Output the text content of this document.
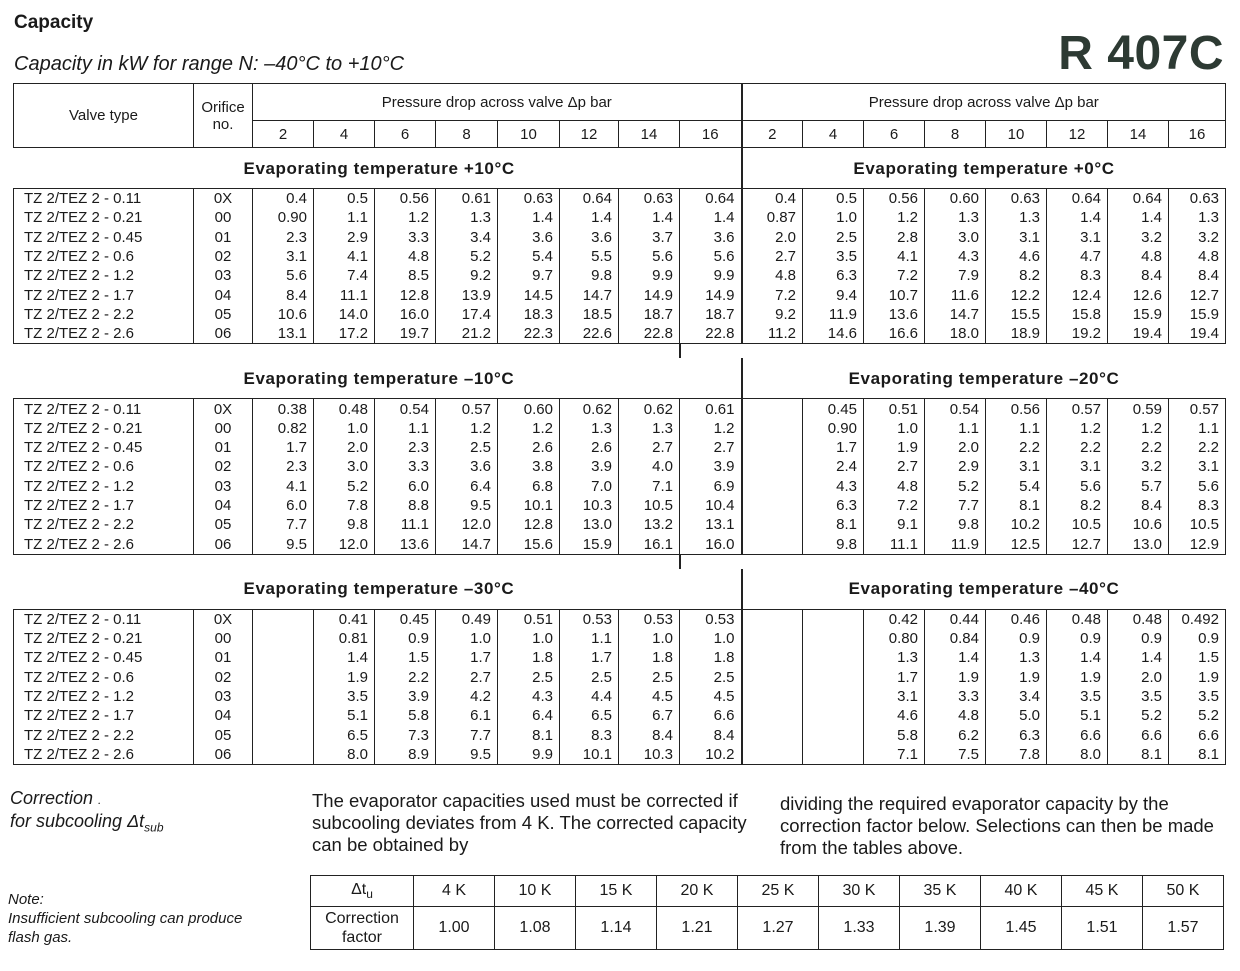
Capacity
Capacity in kW for range N: –40°C to +10°C	R 407C
Valve type	Orifice
no.	Pressure drop across valve Δp bar								Pressure drop across valve Δp bar							
		2	4	6	8	10	12	14	16	2	4	6	8	10	12	14	16
Evaporating temperature +10°C										Evaporating temperature +0°C							
TZ 2/TEZ 2 - 0.11	0X	0.4	0.5	0.56	0.61	0.63	0.64	0.63	0.64	0.4	0.5	0.56	0.60	0.63	0.64	0.64	0.63
TZ 2/TEZ 2 - 0.21	00	0.90	1.1	1.2	1.3	1.4	1.4	1.4	1.4	0.87	1.0	1.2	1.3	1.3	1.4	1.4	1.3
TZ 2/TEZ 2 - 0.45	01	2.3	2.9	3.3	3.4	3.6	3.6	3.7	3.6	2.0	2.5	2.8	3.0	3.1	3.1	3.2	3.2
TZ 2/TEZ 2 - 0.6	02	3.1	4.1	4.8	5.2	5.4	5.5	5.6	5.6	2.7	3.5	4.1	4.3	4.6	4.7	4.8	4.8
TZ 2/TEZ 2 - 1.2	03	5.6	7.4	8.5	9.2	9.7	9.8	9.9	9.9	4.8	6.3	7.2	7.9	8.2	8.3	8.4	8.4
TZ 2/TEZ 2 - 1.7	04	8.4	11.1	12.8	13.9	14.5	14.7	14.9	14.9	7.2	9.4	10.7	11.6	12.2	12.4	12.6	12.7
TZ 2/TEZ 2 - 2.2	05	10.6	14.0	16.0	17.4	18.3	18.5	18.7	18.7	9.2	11.9	13.6	14.7	15.5	15.8	15.9	15.9
TZ 2/TEZ 2 - 2.6	06	13.1	17.2	19.7	21.2	22.3	22.6	22.8	22.8	11.2	14.6	16.6	18.0	18.9	19.2	19.4	19.4

Evaporating temperature –10°C										Evaporating temperature –20°C							
TZ 2/TEZ 2 - 0.11	0X	0.38	0.48	0.54	0.57	0.60	0.62	0.62	0.61		0.45	0.51	0.54	0.56	0.57	0.59	0.57
TZ 2/TEZ 2 - 0.21	00	0.82	1.0	1.1	1.2	1.2	1.3	1.3	1.2		0.90	1.0	1.1	1.1	1.2	1.2	1.1
TZ 2/TEZ 2 - 0.45	01	1.7	2.0	2.3	2.5	2.6	2.6	2.7	2.7		1.7	1.9	2.0	2.2	2.2	2.2	2.2
TZ 2/TEZ 2 - 0.6	02	2.3	3.0	3.3	3.6	3.8	3.9	4.0	3.9		2.4	2.7	2.9	3.1	3.1	3.2	3.1
TZ 2/TEZ 2 - 1.2	03	4.1	5.2	6.0	6.4	6.8	7.0	7.1	6.9		4.3	4.8	5.2	5.4	5.6	5.7	5.6
TZ 2/TEZ 2 - 1.7	04	6.0	7.8	8.8	9.5	10.1	10.3	10.5	10.4		6.3	7.2	7.7	8.1	8.2	8.4	8.3
TZ 2/TEZ 2 - 2.2	05	7.7	9.8	11.1	12.0	12.8	13.0	13.2	13.1		8.1	9.1	9.8	10.2	10.5	10.6	10.5
TZ 2/TEZ 2 - 2.6	06	9.5	12.0	13.6	14.7	15.6	15.9	16.1	16.0		9.8	11.1	11.9	12.5	12.7	13.0	12.9

Evaporating temperature –30°C										Evaporating temperature –40°C							
TZ 2/TEZ 2 - 0.11	0X		0.41	0.45	0.49	0.51	0.53	0.53	0.53			0.42	0.44	0.46	0.48	0.48	0.492
TZ 2/TEZ 2 - 0.21	00		0.81	0.9	1.0	1.0	1.1	1.0	1.0			0.80	0.84	0.9	0.9	0.9	0.9
TZ 2/TEZ 2 - 0.45	01		1.4	1.5	1.7	1.8	1.7	1.8	1.8			1.3	1.4	1.3	1.4	1.4	1.5
TZ 2/TEZ 2 - 0.6	02		1.9	2.2	2.7	2.5	2.5	2.5	2.5			1.7	1.9	1.9	1.9	2.0	1.9
TZ 2/TEZ 2 - 1.2	03		3.5	3.9	4.2	4.3	4.4	4.5	4.5			3.1	3.3	3.4	3.5	3.5	3.5
TZ 2/TEZ 2 - 1.7	04		5.1	5.8	6.1	6.4	6.5	6.7	6.6			4.6	4.8	5.0	5.1	5.2	5.2
TZ 2/TEZ 2 - 2.2	05		6.5	7.3	7.7	8.1	8.3	8.4	8.4			5.8	6.2	6.3	6.6	6.6	6.6
TZ 2/TEZ 2 - 2.6	06		8.0	8.9	9.5	9.9	10.1	10.3	10.2			7.1	7.5	7.8	8.0	8.1	8.1
Correction .
for subcooling $\Delta t_{sub}$
The evaporator capacities used must be corrected if subcooling deviates from 4 K. The corrected capacity can be obtained by
dividing the required evaporator capacity by the correction factor below. Selections can then be made from the tables above.
Note:
Insufficient subcooling can produce
flash gas.
$\Delta t_u$	4 K	10 K	15 K	20 K	25 K	30 K	35 K	40 K	45 K	50 K
Correction
factor	1.00	1.08	1.14	1.21	1.27	1.33	1.39	1.45	1.51	1.57
